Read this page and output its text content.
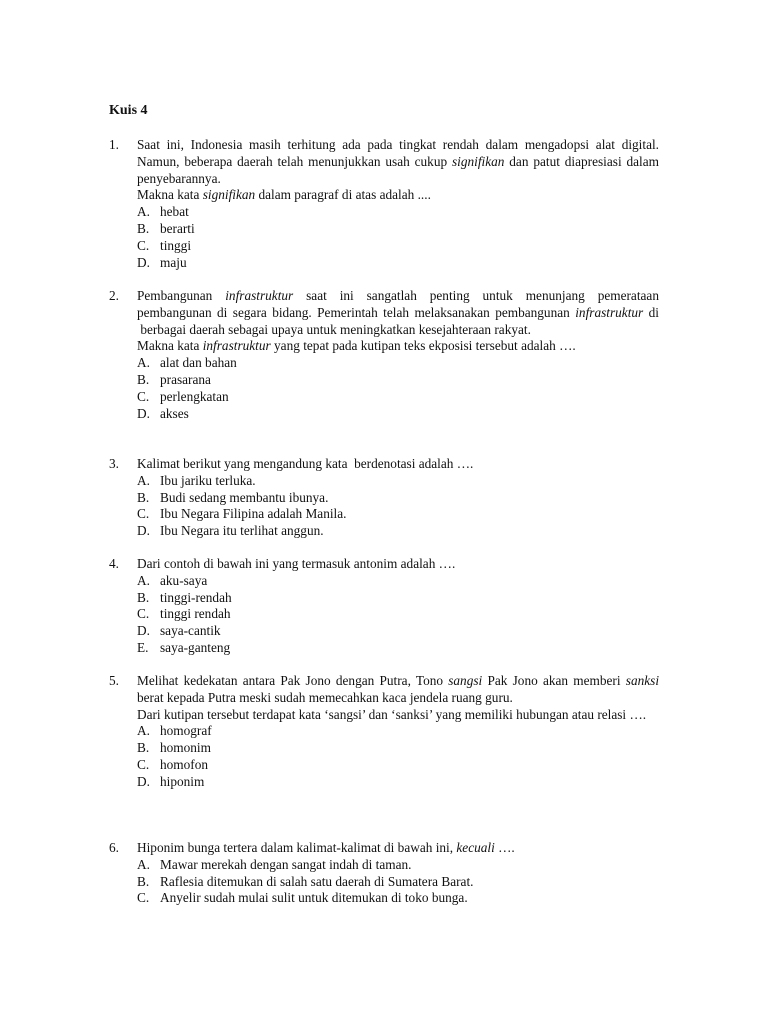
Kuis 4
1. Saat ini, Indonesia masih terhitung ada pada tingkat rendah dalam mengadopsi alat digital. Namun, beberapa daerah telah menunjukkan usah cukup signifikan dan patut diapresiasi dalam penyebarannya.
Makna kata signifikan dalam paragraf di atas adalah ....
A. hebat
B. berarti
C. tinggi
D. maju
2. Pembangunan infrastruktur saat ini sangatlah penting untuk menunjang pemerataan pembangunan di segara bidang. Pemerintah telah melaksanakan pembangunan infrastruktur di  berbagai daerah sebagai upaya untuk meningkatkan kesejahteraan rakyat.
Makna kata infrastruktur yang tepat pada kutipan teks ekposisi tersebut adalah ….
A. alat dan bahan
B. prasarana
C. perlengkatan
D. akses
3. Kalimat berikut yang mengandung kata  berdenotasi adalah ….
A. Ibu jariku terluka.
B. Budi sedang membantu ibunya.
C. Ibu Negara Filipina adalah Manila.
D. Ibu Negara itu terlihat anggun.
4. Dari contoh di bawah ini yang termasuk antonim adalah ….
A. aku-saya
B. tinggi-rendah
C. tinggi rendah
D. saya-cantik
E. saya-ganteng
5. Melihat kedekatan antara Pak Jono dengan Putra, Tono sangsi Pak Jono akan memberi sanksi berat kepada Putra meski sudah memecahkan kaca jendela ruang guru.
Dari kutipan tersebut terdapat kata ‘sangsi’ dan ‘sanksi’ yang memiliki hubungan atau relasi ….
A. homograf
B. homonim
C. homofon
D. hiponim
6. Hiponim bunga tertera dalam kalimat-kalimat di bawah ini, kecuali ….
A. Mawar merekah dengan sangat indah di taman.
B. Raflesia ditemukan di salah satu daerah di Sumatera Barat.
C. Anyelir sudah mulai sulit untuk ditemukan di toko bunga.
